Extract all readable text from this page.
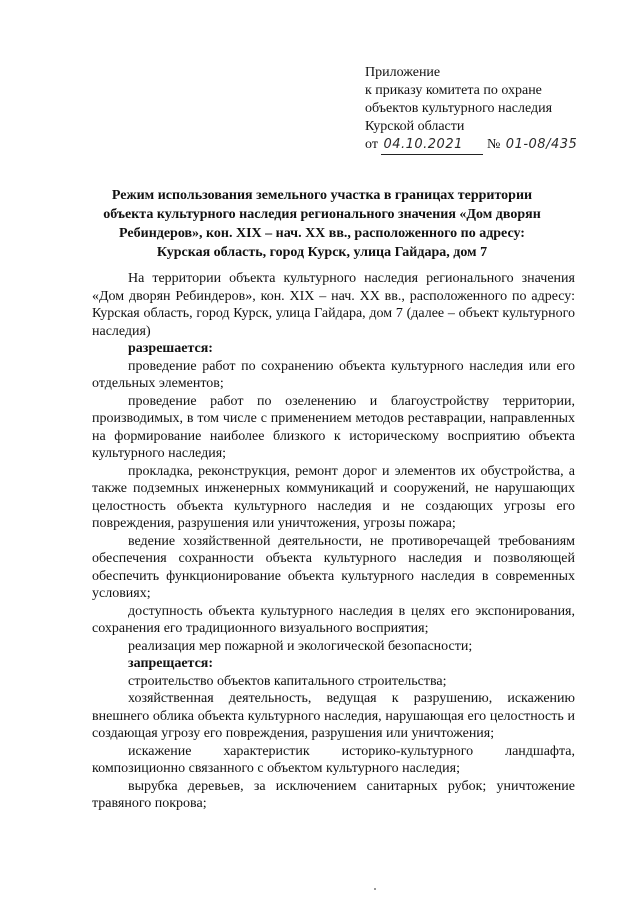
Приложение
к приказу комитета по охране
объектов культурного наследия
Курской области
от 04.10.2021 № 01-08/435
Режим использования земельного участка в границах территории
объекта культурного наследия регионального значения «Дом дворян
Ребиндеров», кон. XIX – нач. XX вв., расположенного по адресу:
Курская область, город Курск, улица Гайдара, дом 7

На территории объекта культурного наследия регионального значения «Дом дворян Ребиндеров», кон. XIX – нач. XX вв., расположенного по адресу: Курская область, город Курск, улица Гайдара, дом 7 (далее – объект культурного наследия)

разрешается:

проведение работ по сохранению объекта культурного наследия или его отдельных элементов;

проведение работ по озеленению и благоустройству территории, производимых, в том числе с применением методов реставрации, направленных на формирование наиболее близкого к историческому восприятию объекта культурного наследия;

прокладка, реконструкция, ремонт дорог и элементов их обустройства, а также подземных инженерных коммуникаций и сооружений, не нарушающих целостность объекта культурного наследия и не создающих угрозы его повреждения, разрушения или уничтожения, угрозы пожара;

ведение хозяйственной деятельности, не противоречащей требованиям обеспечения сохранности объекта культурного наследия и позволяющей обеспечить функционирование объекта культурного наследия в современных условиях;

доступность объекта культурного наследия в целях его экспонирования, сохранения его традиционного визуального восприятия;

реализация мер пожарной и экологической безопасности;

запрещается:

строительство объектов капитального строительства;

хозяйственная деятельность, ведущая к разрушению, искажению внешнего облика объекта культурного наследия, нарушающая его целостность и создающая угрозу его повреждения, разрушения или уничтожения;

искажение характеристик историко-культурного ландшафта, композиционно связанного с объектом культурного наследия;

вырубка деревьев, за исключением санитарных рубок; уничтожение травяного покрова;
